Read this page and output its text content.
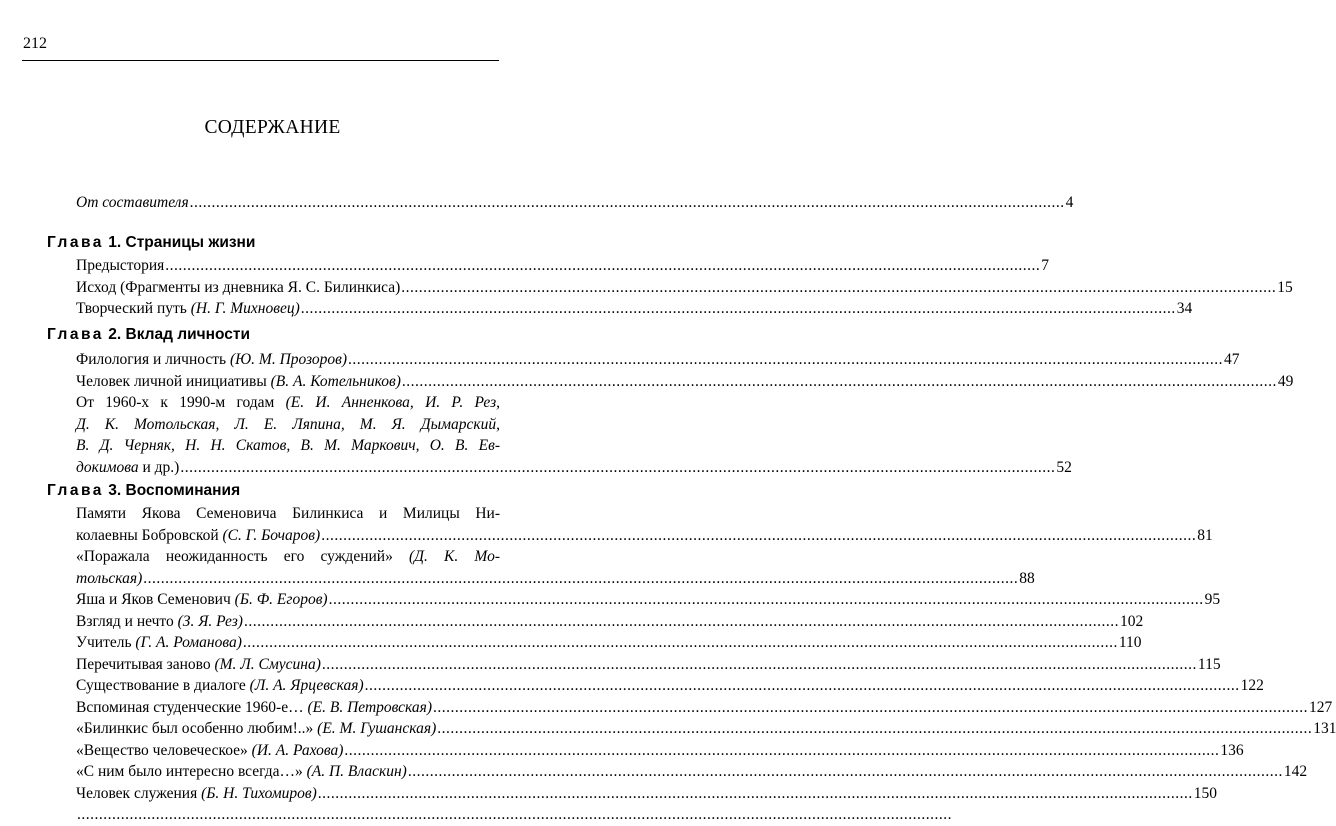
212
СОДЕРЖАНИЕ
От составителя .....	4
Глава 1. Страницы жизни
Предыстория .....	7
Исход (Фрагменты из дневника Я. С. Билинкиса) .....	15
Творческий путь (Н. Г. Михновец) .....	34
Глава 2. Вклад личности
Филология и личность (Ю. М. Прозоров) .....	47
Человек личной инициативы (В. А. Котельников) .....	49
От 1960-х к 1990-м годам (Е. И. Анненкова, И. Р. Рез,
Д. К. Мотольская, Л. Е. Ляпина, М. Я. Дымарский,
В. Д. Черняк, Н. Н. Скатов, В. М. Маркович, О. В. Ев-
докимова и др.) .....	52
Глава 3. Воспоминания
Памяти Якова Семеновича Билинкиса и Милицы Ни-
колаевны Бобровской (С. Г. Бочаров) .....	81
«Поражала неожиданность его суждений» (Д. К. Мо-
тольская) .....	88
Яша и Яков Семенович (Б. Ф. Егоров) .....	95
Взгляд и нечто (З. Я. Рез) .....	102
Учитель (Г. А. Романова) .....	110
Перечитывая заново (М. Л. Смусина) .....	115
Существование в диалоге (Л. А. Ярцевская) .....	122
Вспоминая студенческие 1960-е… (Е. В. Петровская) .....	127
«Билинкис был особенно любим!..» (Е. М. Гушанская) .....	131
«Вещество человеческое» (И. А. Рахова) .....	136
«С ним было интересно всегда…» (А. П. Власкин) .....	142
Человек служения (Б. Н. Тихомиров) .....	150
.....
